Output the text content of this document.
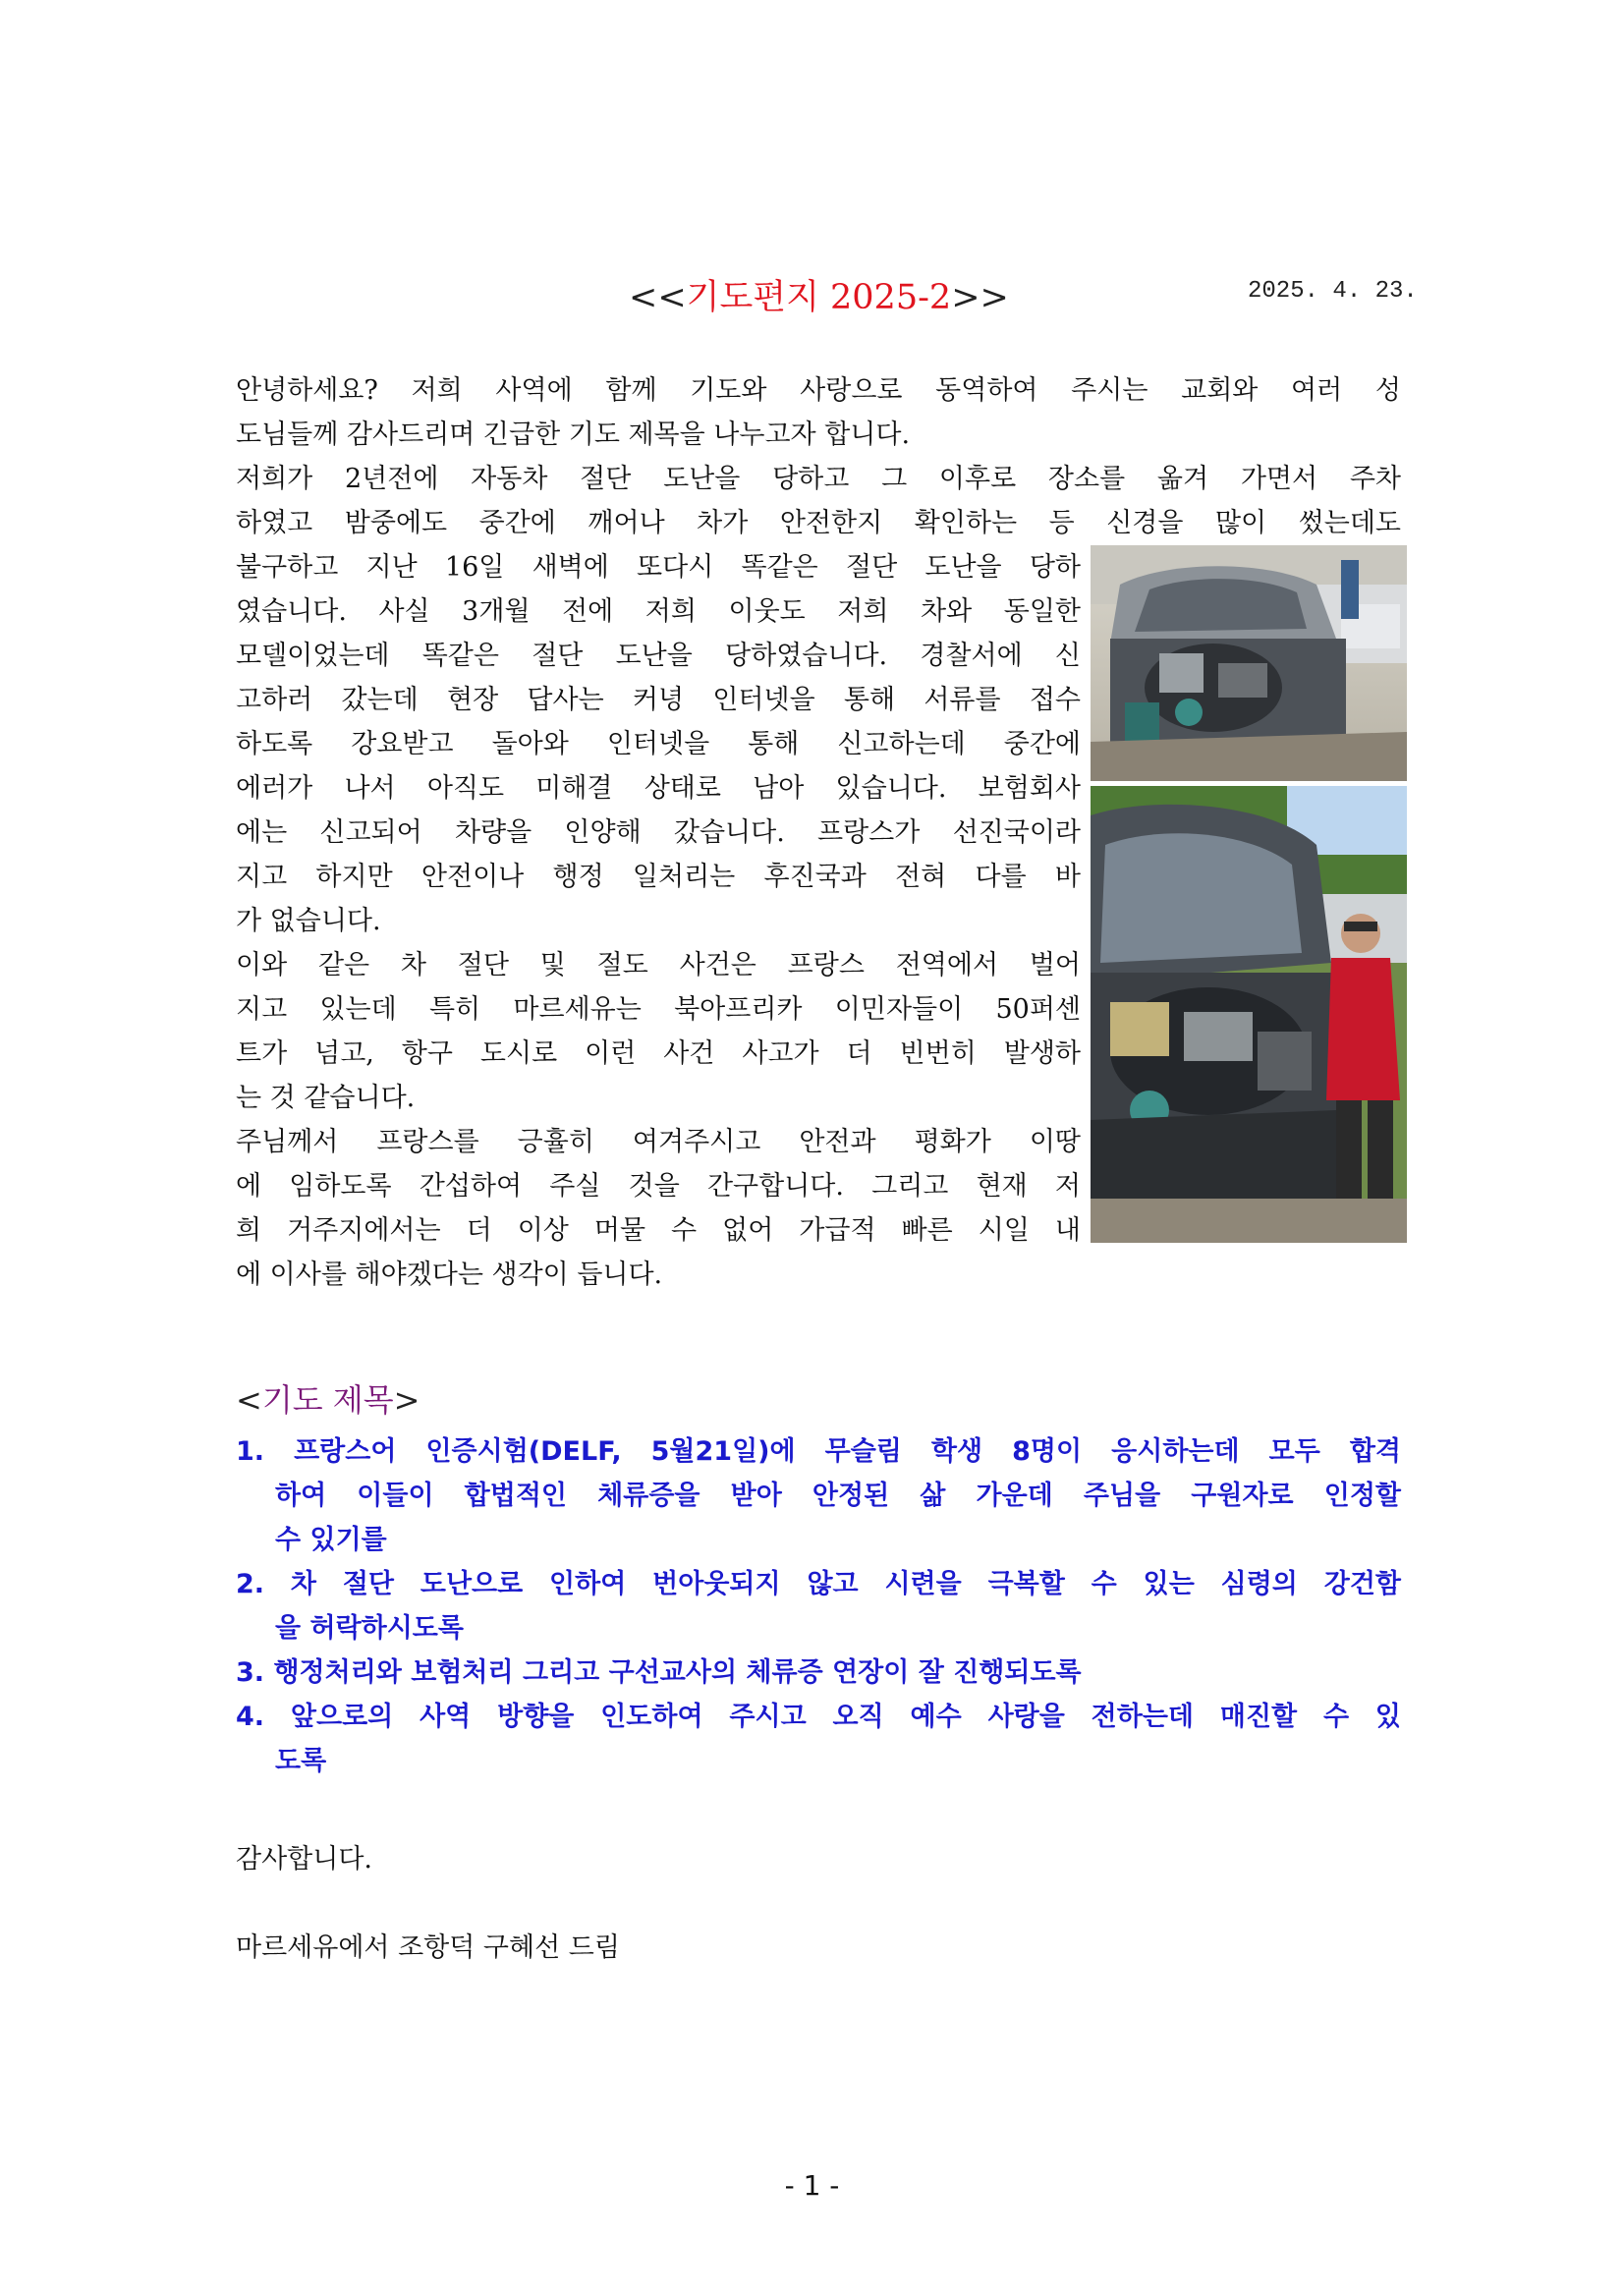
<<기도편지 2025-2>>	2025. 4. 23.
안녕하세요? 저희 사역에 함께 기도와 사랑으로 동역하여 주시는 교회와 여러 성
도님들께 감사드리며 긴급한 기도 제목을 나누고자 합니다.
저희가 2년전에 자동차 절단 도난을 당하고 그 이후로 장소를 옮겨 가면서 주차
하였고 밤중에도 중간에 깨어나 차가 안전한지 확인하는 등 신경을 많이 썼는데도
불구하고 지난 16일 새벽에 또다시 똑같은 절단 도난을 당하
였습니다. 사실 3개월 전에 저희 이웃도 저희 차와 동일한
모델이었는데 똑같은 절단 도난을 당하였습니다. 경찰서에 신
고하러 갔는데 현장 답사는 커녕 인터넷을 통해 서류를 접수
하도록 강요받고 돌아와 인터넷을 통해 신고하는데 중간에
에러가 나서 아직도 미해결 상태로 남아 있습니다. 보험회사
에는 신고되어 차량을 인양해 갔습니다. 프랑스가 선진국이라
지고 하지만 안전이나 행정 일처리는 후진국과 전혀 다를 바
가 없습니다.
이와 같은 차 절단 및 절도 사건은 프랑스 전역에서 벌어
지고 있는데 특히 마르세유는 북아프리카 이민자들이 50퍼센
트가 넘고, 항구 도시로 이런 사건 사고가 더 빈번히 발생하
는 것 같습니다.
주님께서 프랑스를 긍휼히 여겨주시고 안전과 평화가 이땅
에 임하도록 간섭하여 주실 것을 간구합니다. 그리고 현재 저
희 거주지에서는 더 이상 머물 수 없어 가급적 빠른 시일 내
에 이사를 해야겠다는 생각이 듭니다.
<기도 제목>
1. 프랑스어 인증시험(DELF, 5월21일)에 무슬림 학생 8명이 응시하는데 모두 합격
하여 이들이 합법적인 체류증을 받아 안정된 삶 가운데 주님을 구원자로 인정할
수 있기를
2. 차 절단 도난으로 인하여 번아웃되지 않고 시련을 극복할 수 있는 심령의 강건함
을 허락하시도록
3. 행정처리와 보험처리 그리고 구선교사의 체류증 연장이 잘 진행되도록
4. 앞으로의 사역 방향을 인도하여 주시고 오직 예수 사랑을 전하는데 매진할 수 있
도록
감사합니다.
마르세유에서 조항덕 구혜선 드림
- 1 -
